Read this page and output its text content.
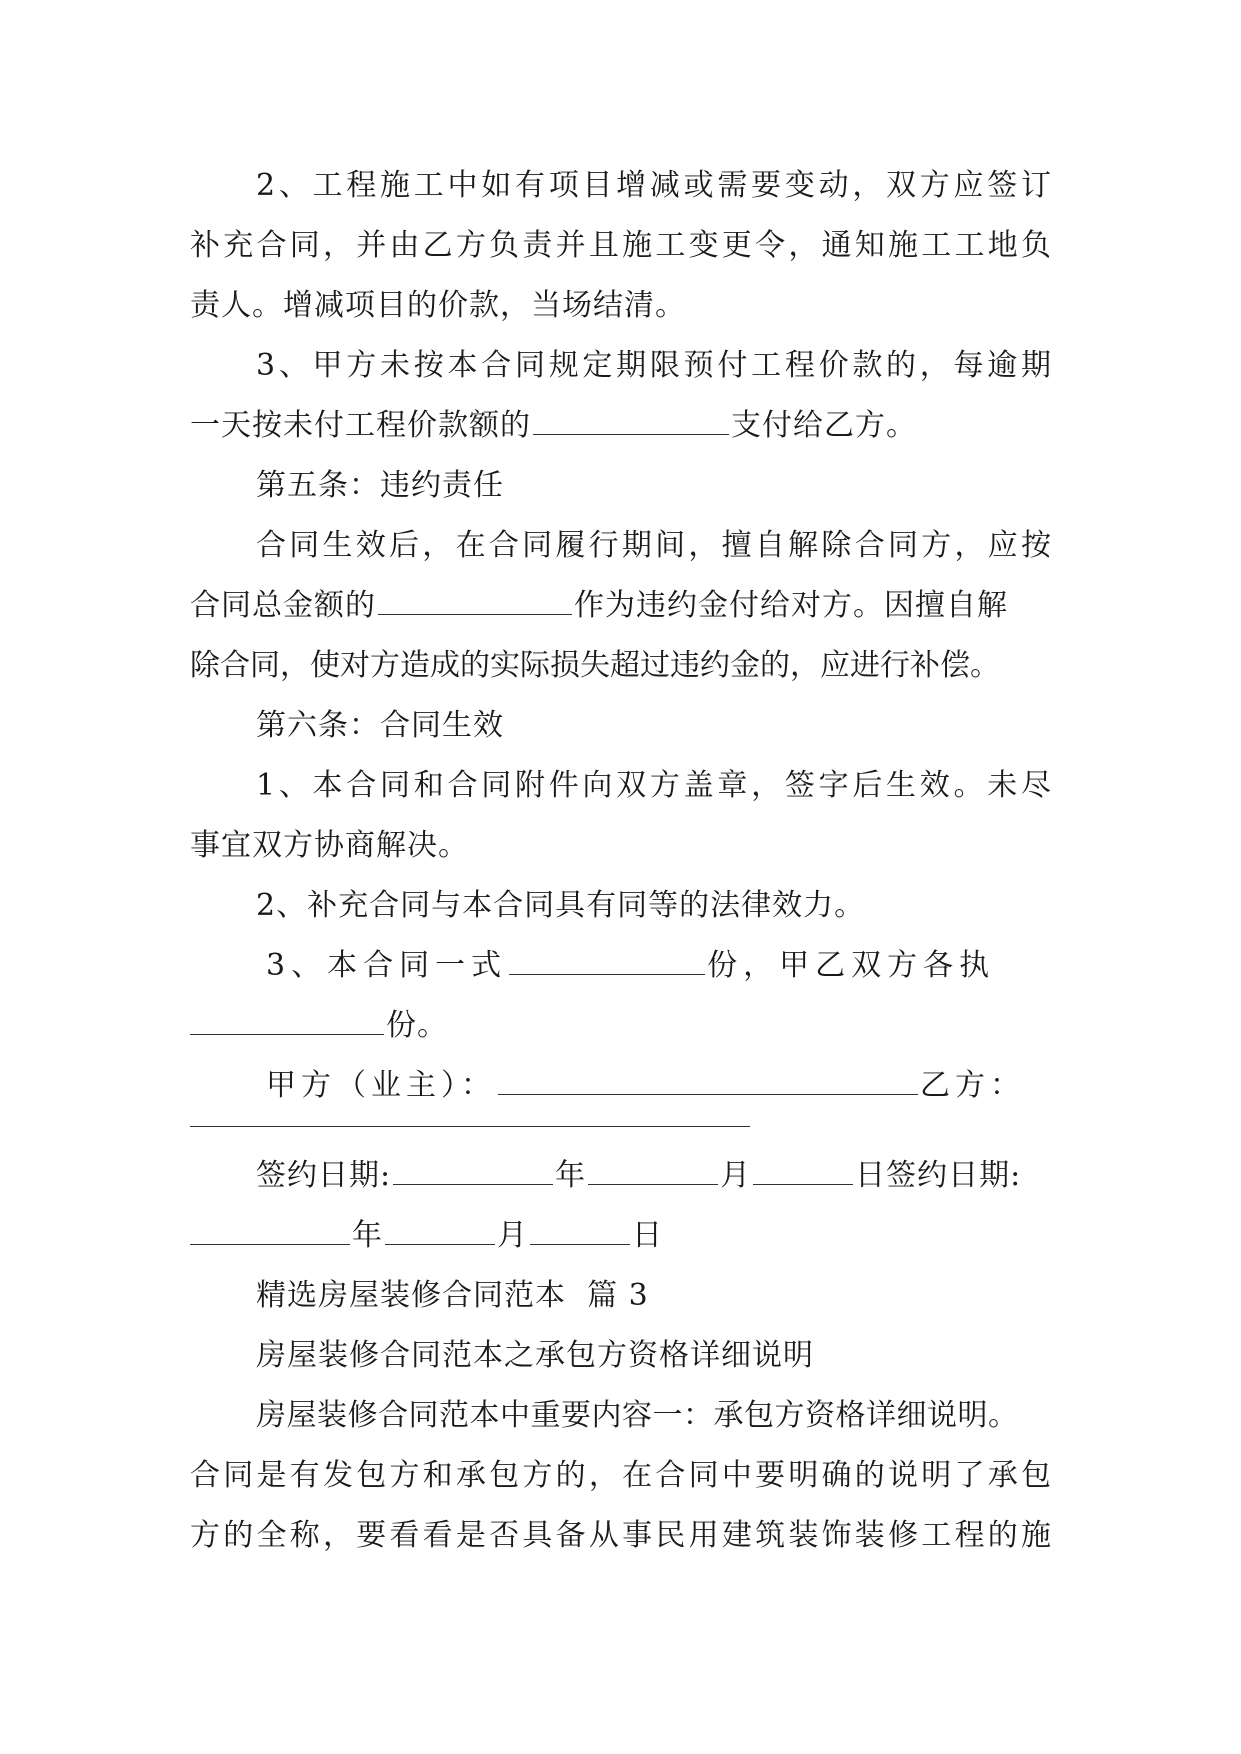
2、工程施工中如有项目增减或需要变动，双方应签订
补充合同，并由乙方负责并且施工变更令，通知施工工地负
责人。增减项目的价款，当场结清。
3、甲方未按本合同规定期限预付工程价款的，每逾期
一天按未付工程价款额的	支付给乙方。
第五条：违约责任
合同生效后，在合同履行期间，擅自解除合同方，应按
合同总金额的	作为违约金付给对方。因擅自解
除合同，使对方造成的实际损失超过违约金的，应进行补偿。
第六条：合同生效
1、本合同和合同附件向双方盖章，签字后生效。未尽
事宜双方协商解决。
2、补充合同与本合同具有同等的法律效力。
3、本合同一式	份，甲乙双方各执
份。
甲方（业主）：	乙方：
签约日期:	年	月	日签约日期:
年	月	日
精选房屋装修合同范本  篇 3
房屋装修合同范本之承包方资格详细说明
房屋装修合同范本中重要内容一：承包方资格详细说明。
合同是有发包方和承包方的，在合同中要明确的说明了承包
方的全称，要看看是否具备从事民用建筑装饰装修工程的施
